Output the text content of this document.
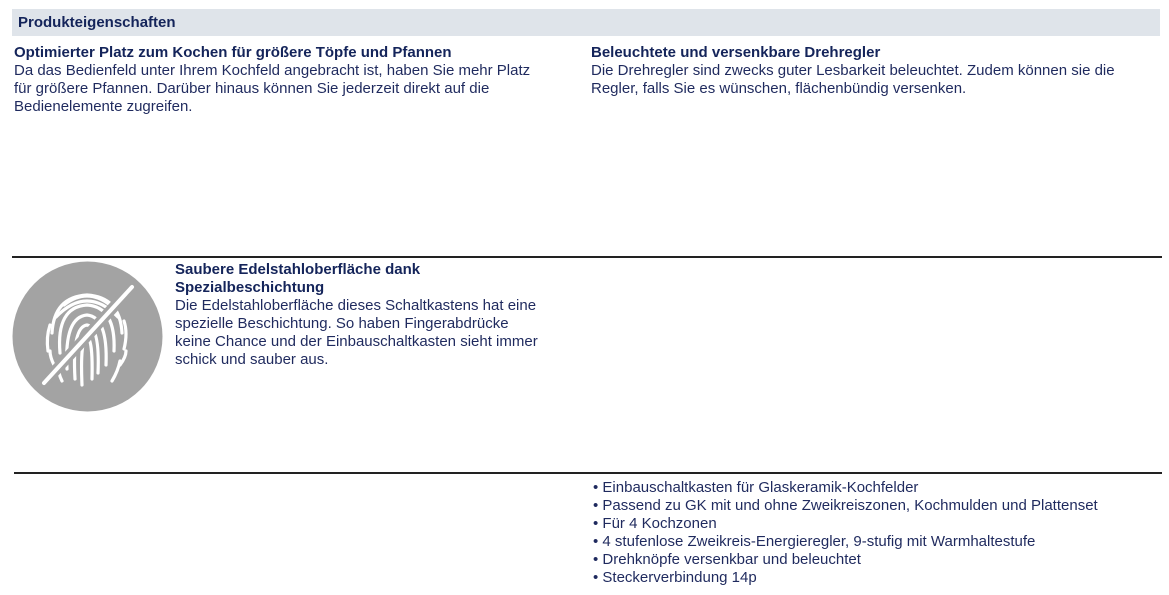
Produkteigenschaften

Optimierter Platz zum Kochen für größere Töpfe und Pfannen

Da das Bedienfeld unter Ihrem Kochfeld angebracht ist, haben Sie mehr Platz

für größere Pfannen. Darüber hinaus können Sie jederzeit direkt auf die

Bedienelemente zugreifen.

Beleuchtete und versenkbare Drehregler

Die Drehregler sind zwecks guter Lesbarkeit beleuchtet. Zudem können sie die

Regler, falls Sie es wünschen, flächenbündig versenken.

Saubere Edelstahloberfläche dank

Spezialbeschichtung

Die Edelstahloberfläche dieses Schaltkastens hat eine

spezielle Beschichtung. So haben Fingerabdrücke

keine Chance und der Einbauschaltkasten sieht immer

schick und sauber aus.

• Einbauschaltkasten für Glaskeramik-Kochfelder
• Passend zu GK mit und ohne Zweikreiszonen, Kochmulden und Plattenset
• Für 4 Kochzonen
• 4 stufenlose Zweikreis-Energieregler, 9-stufig mit Warmhaltestufe
• Drehknöpfe versenkbar und beleuchtet
• Steckerverbindung 14p
